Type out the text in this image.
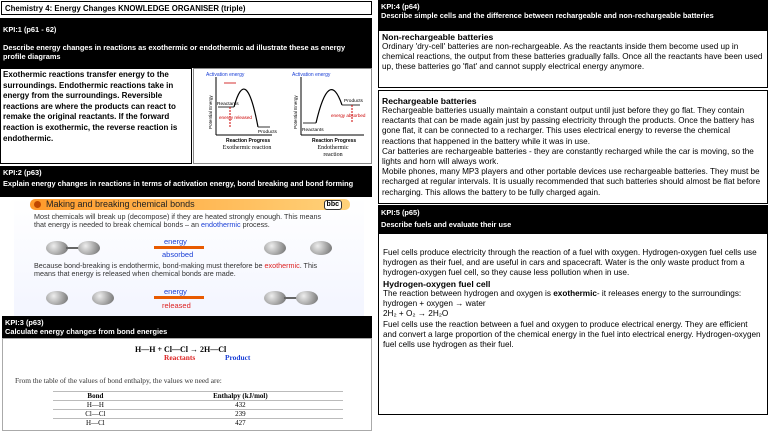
Chemistry 4: Energy Changes KNOWLEDGE ORGANISER (triple)
KPI:1 (p61 - 62)
Describe energy changes in reactions as exothermic or endothermic ad illustrate these as energy profile diagrams
Exothermic reactions transfer energy to the surroundings. Endothermic reactions take in energy from the surroundings. Reversible reactions are where the products can react to remake the original reactants. If the forward reaction is exothermic, the reverse reaction is endothermic.
Activation energy
Potential Energy Reactants
Products
energy released
Reaction Progress
Activation energy
Potential Energy
Reactants
Products
energy absorbed
Reaction Progress
Exothermic reaction	Endothermic reaction
KPI:2 (p63)
Explain energy changes in reactions in terms of activation energy, bond breaking and bond forming
Making and breaking chemical bonds	bbc
Most chemicals will break up (decompose) if they are heated strongly enough. This means that energy is needed to break chemical bonds – an endothermic process.
energy
absorbed
Because bond-breaking is endothermic, bond-making must therefore be exothermic. This means that energy is released when chemical bonds are made.
energy
released
KPI:3 (p63)
Calculate energy changes from bond energies
H—H + Cl—Cl → 2H—Cl
Reactants	Product
From the table of the values of bond enthalpy, the values we need are:
Bond	Enthalpy (kJ/mol)
H—H	432
Cl—Cl	239
H—Cl	427
KPI:4 (p64)
Describe simple cells and the difference between rechargeable and non-rechargeable batteries
Non-rechargeable batteries
Ordinary 'dry-cell' batteries are non-rechargeable. As the reactants inside them become used up in chemical reactions, the output from these batteries gradually falls. Once all the reactants have been used up, these batteries go 'flat' and cannot supply electrical energy anymore.
Rechargeable batteries
Rechargeable batteries usually maintain a constant output until just before they go flat. They contain reactants that can be made again just by passing electricity through the products. Once the battery has gone flat, it can be connected to a recharger. This uses electrical energy to reverse the chemical reactions that happened in the battery while it was in use.
Car batteries are rechargeable batteries - they are constantly recharged while the car is moving, so the lights and horn will always work.
Mobile phones, many MP3 players and other portable devices use rechargeable batteries. They must be recharged at regular intervals. It is usually recommended that such batteries should almost be flat before recharging. This allows the battery to be fully charged again.
KPI:5 (p65)
Describe fuels and evaluate their use
Fuel cells produce electricity through the reaction of a fuel with oxygen. Hydrogen-oxygen fuel cells use hydrogen as their fuel, and are useful in cars and spacecraft. Water is the only waste product from a hydrogen-oxygen fuel cell, so they cause less pollution when in use.
Hydrogen-oxygen fuel cell
The reaction between hydrogen and oxygen is exothermic- it releases energy to the surroundings:
hydrogen + oxygen → water
2H₂ + O₂ → 2H₂O
Fuel cells use the reaction between a fuel and oxygen to produce electrical energy. They are efficient and convert a large proportion of the chemical energy in the fuel into electrical energy. Hydrogen-oxygen fuel cells use hydrogen as their fuel.
